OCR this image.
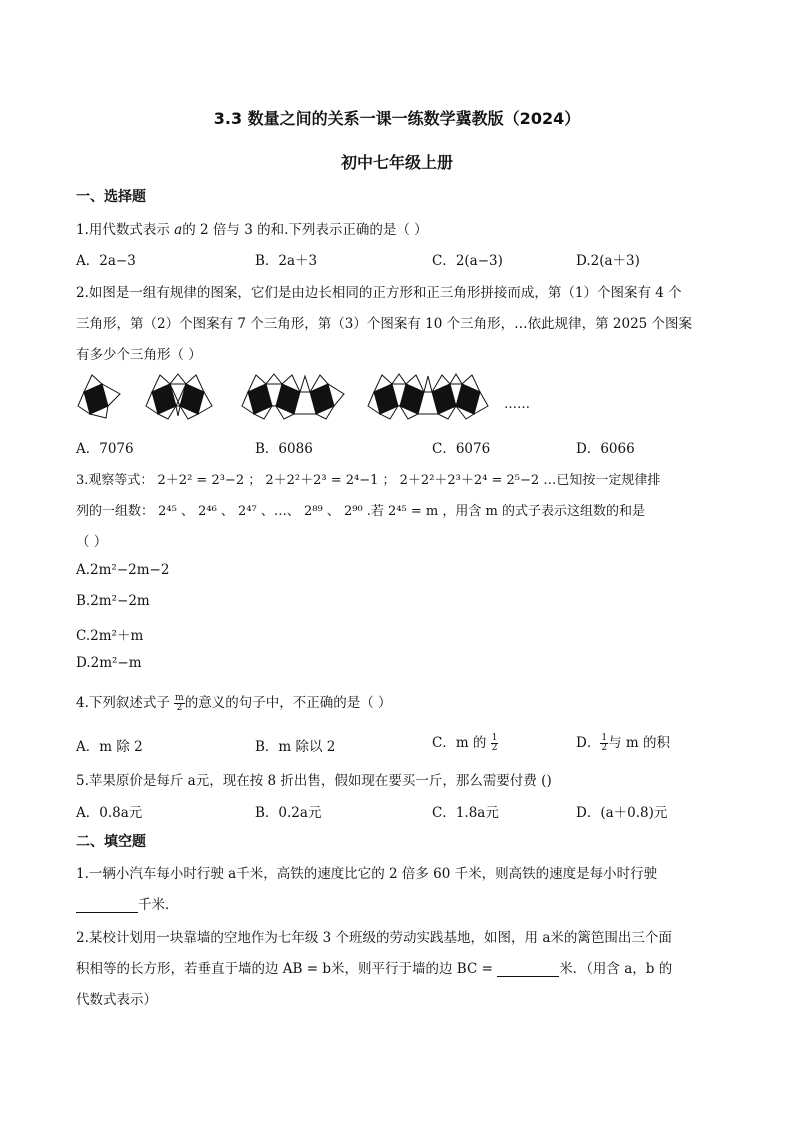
3.3 数量之间的关系一课一练数学冀教版（2024）
初中七年级上册
一、选择题
1.用代数式表示 a的 2 倍与 3 的和.下列表示正确的是（ ）
A．2a−3	B．2a＋3	C．2(a−3)	D.2(a＋3)
2.如图是一组有规律的图案，它们是由边长相同的正方形和正三角形拼接而成，第（1）个图案有 4 个
三角形，第（2）个图案有 7 个三角形，第（3）个图案有 10 个三角形，…依此规律，第 2025 个图案
有多少个三角形（ ）
……
A．7076	B．6086	C．6076	D．6066
3.观察等式： 2＋2² = 2³−2 ； 2＋2²＋2³ = 2⁴−1 ； 2＋2²＋2³＋2⁴ = 2⁵−2 …已知按一定规律排
列的一组数： 2⁴⁵ 、 2⁴⁶ 、 2⁴⁷ 、…、 2⁸⁹ 、 2⁹⁰ .若 2⁴⁵ = m ，用含 m 的式子表示这组数的和是
（ ）
A.2m²−2m−2
B.2m²−2m
C.2m²＋m
D.2m²−m
4.下列叙述式子 $\frac{m}{2}$ 的意义的句子中，不正确的是（ ）
A．m 除 2	B．m 除以 2	C．m 的 $\frac{1}{2}$	D． $\frac{1}{2}$ 与 m 的积
5.苹果原价是每斤 a元，现在按 8 折出售，假如现在要买一斤，那么需要付费 ()
A．0.8a元	B．0.2a元	C．1.8a元	D．(a＋0.8)元
二、填空题
1.一辆小汽车每小时行驶 a千米，高铁的速度比它的 2 倍多 60 千米，则高铁的速度是每小时行驶
千米．
2.某校计划用一块靠墙的空地作为七年级 3 个班级的劳动实践基地，如图，用 a米的篱笆围出三个面
积相等的长方形，若垂直于墙的边 AB = b米，则平行于墙的边 BC =	米．（用含 a，b 的
代数式表示）
